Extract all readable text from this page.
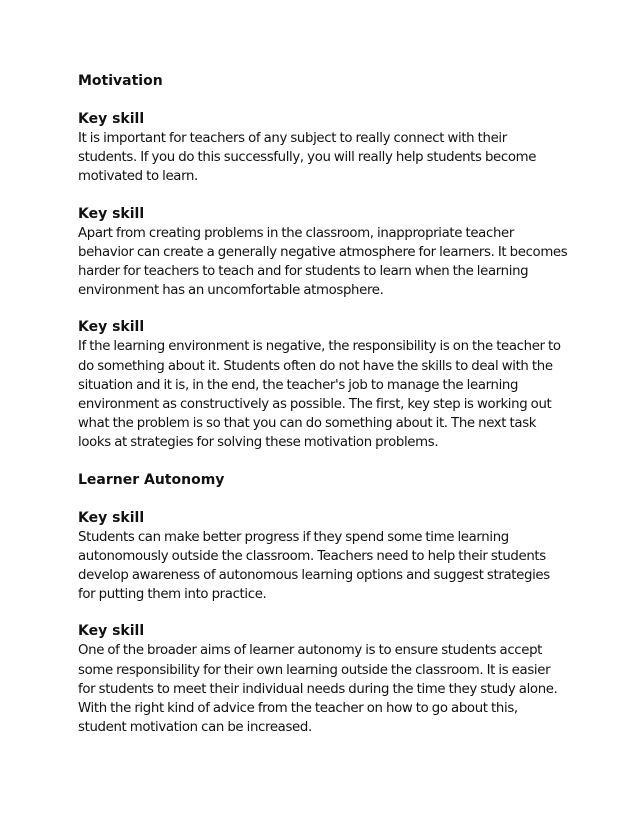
Motivation

Key skill

It is important for teachers of any subject to really connect with their students. If you do this successfully, you will really help students become motivated to learn.

Key skill

Apart from creating problems in the classroom, inappropriate teacher behavior can create a generally negative atmosphere for learners. It becomes harder for teachers to teach and for students to learn when the learning environment has an uncomfortable atmosphere.

Key skill

If the learning environment is negative, the responsibility is on the teacher to do something about it. Students often do not have the skills to deal with the situation and it is, in the end, the teacher's job to manage the learning environment as constructively as possible. The first, key step is working out what the problem is so that you can do something about it. The next task looks at strategies for solving these motivation problems.

Learner Autonomy

Key skill

Students can make better progress if they spend some time learning autonomously outside the classroom. Teachers need to help their students develop awareness of autonomous learning options and suggest strategies for putting them into practice.

Key skill

One of the broader aims of learner autonomy is to ensure students accept some responsibility for their own learning outside the classroom. It is easier for students to meet their individual needs during the time they study alone. With the right kind of advice from the teacher on how to go about this, student motivation can be increased.
